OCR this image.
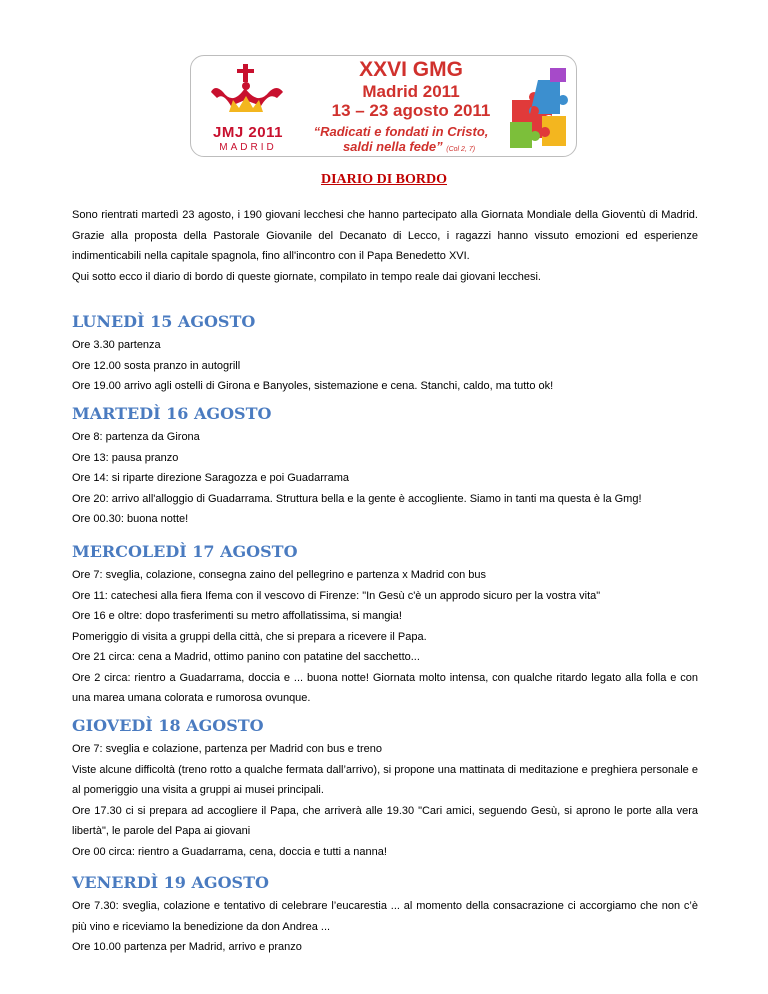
JMJ 2011
MADRID
XXVI GMG
Madrid 2011
13 – 23 agosto 2011
“Radicati e fondati in Cristo,
saldi nella fede” (Col 2, 7)
DIARIO DI BORDO

Sono rientrati martedì 23 agosto, i 190 giovani lecchesi che hanno partecipato alla Giornata Mondiale della Gioventù di Madrid. Grazie alla proposta della Pastorale Giovanile del Decanato di Lecco, i ragazzi hanno vissuto emozioni ed esperienze indimenticabili nella capitale spagnola, fino all'incontro con il Papa Benedetto XVI.

Qui sotto ecco il diario di bordo di queste giornate, compilato in tempo reale dai giovani lecchesi.

LUNEDÌ 15 AGOSTO

Ore 3.30 partenza

Ore 12.00 sosta pranzo in autogrill

Ore 19.00 arrivo agli ostelli di Girona e Banyoles, sistemazione e cena. Stanchi, caldo, ma tutto ok!

MARTEDÌ 16 AGOSTO

Ore 8: partenza da Girona

Ore 13: pausa pranzo

Ore 14: si riparte direzione Saragozza e poi Guadarrama

Ore 20: arrivo all'alloggio di Guadarrama. Struttura bella e la gente è accogliente. Siamo in tanti ma questa è la Gmg!

Ore 00.30: buona notte!

MERCOLEDÌ 17 AGOSTO

Ore 7: sveglia, colazione, consegna zaino del pellegrino e partenza x Madrid con bus

Ore 11: catechesi alla fiera Ifema con il vescovo di Firenze: "In Gesù c'è un approdo sicuro per la vostra vita"

Ore 16 e oltre: dopo trasferimenti su metro affollatissima, si mangia!

Pomeriggio di visita a gruppi della città, che si prepara a ricevere il Papa.

Ore 21 circa: cena a Madrid, ottimo panino con patatine del sacchetto...

Ore 2 circa: rientro a Guadarrama, doccia e ... buona notte! Giornata molto intensa, con qualche ritardo legato alla folla e con una marea umana colorata e rumorosa ovunque.

GIOVEDÌ 18 AGOSTO

Ore 7: sveglia e colazione, partenza per Madrid con bus e treno

Viste alcune difficoltà (treno rotto a qualche fermata dall’arrivo), si propone una mattinata di meditazione e preghiera personale e al pomeriggio una visita a gruppi ai musei principali.

Ore 17.30 ci si prepara ad accogliere il Papa, che arriverà alle 19.30 "Cari amici, seguendo Gesù, si aprono le porte alla vera libertà", le parole del Papa ai giovani

Ore 00 circa: rientro a Guadarrama, cena, doccia e tutti a nanna!

VENERDÌ 19 AGOSTO

Ore 7.30: sveglia, colazione e tentativo di celebrare l’eucarestia ... al momento della consacrazione ci accorgiamo che non c’è più vino e riceviamo la benedizione da don Andrea ...

Ore 10.00 partenza per Madrid, arrivo e pranzo
